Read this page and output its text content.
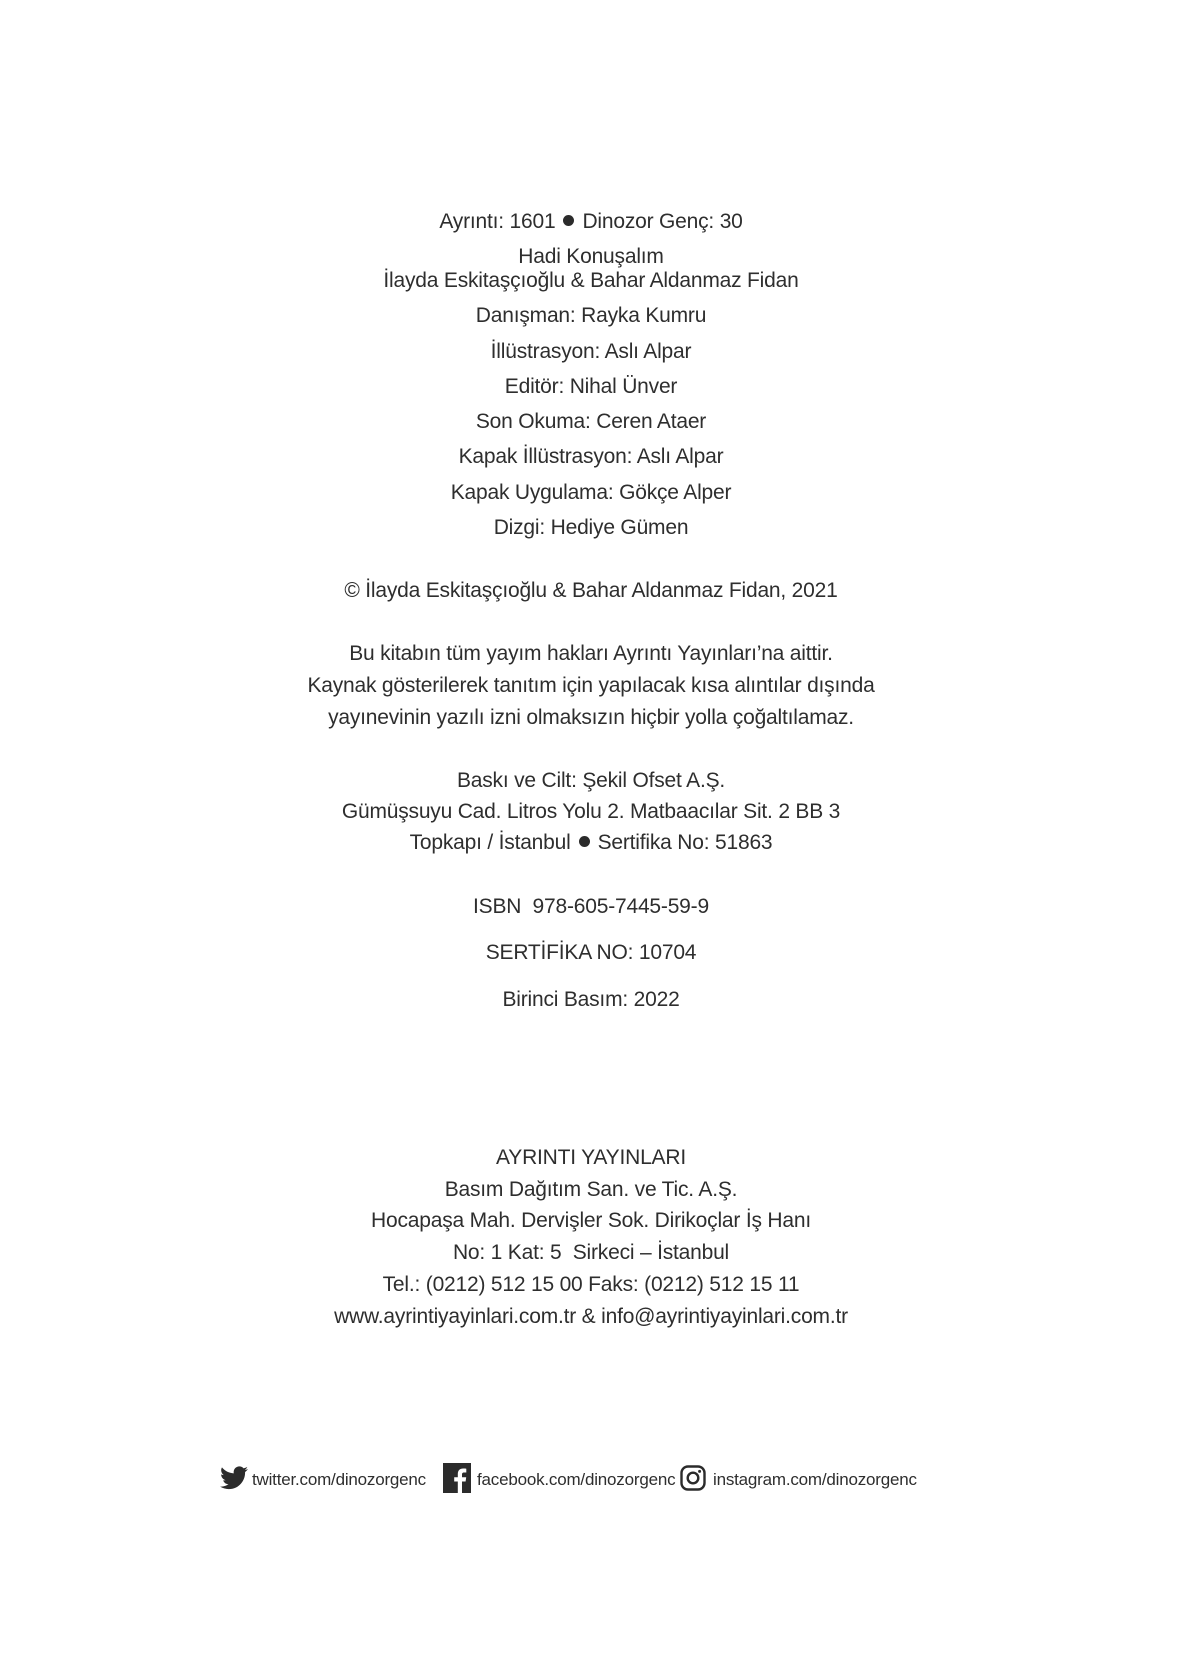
Ayrıntı: 1601 Dinozor Genç: 30
Hadi Konuşalım
İlayda Eskitaşçıoğlu & Bahar Aldanmaz Fidan
Danışman: Rayka Kumru
İllüstrasyon: Aslı Alpar
Editör: Nihal Ünver
Son Okuma: Ceren Ataer
Kapak İllüstrasyon: Aslı Alpar
Kapak Uygulama: Gökçe Alper
Dizgi: Hediye Gümen
© İlayda Eskitaşçıoğlu & Bahar Aldanmaz Fidan, 2021
Bu kitabın tüm yayım hakları Ayrıntı Yayınları’na aittir.
Kaynak gösterilerek tanıtım için yapılacak kısa alıntılar dışında
yayınevinin yazılı izni olmaksızın hiçbir yolla çoğaltılamaz.
Baskı ve Cilt: Şekil Ofset A.Ş.
Gümüşsuyu Cad. Litros Yolu 2. Matbaacılar Sit. 2 BB 3
Topkapı / İstanbul Sertifika No: 51863
ISBN  978-605-7445-59-9
SERTİFİKA NO: 10704
Birinci Basım: 2022
AYRINTI YAYINLARI
Basım Dağıtım San. ve Tic. A.Ş.
Hocapaşa Mah. Dervişler Sok. Dirikoçlar İş Hanı
No: 1 Kat: 5  Sirkeci – İstanbul
Tel.: (0212) 512 15 00 Faks: (0212) 512 15 11
www.ayrintiyayinlari.com.tr & info@ayrintiyayinlari.com.tr
twitter.com/dinozorgenc	facebook.com/dinozorgenc instagram.com/dinozorgenc
